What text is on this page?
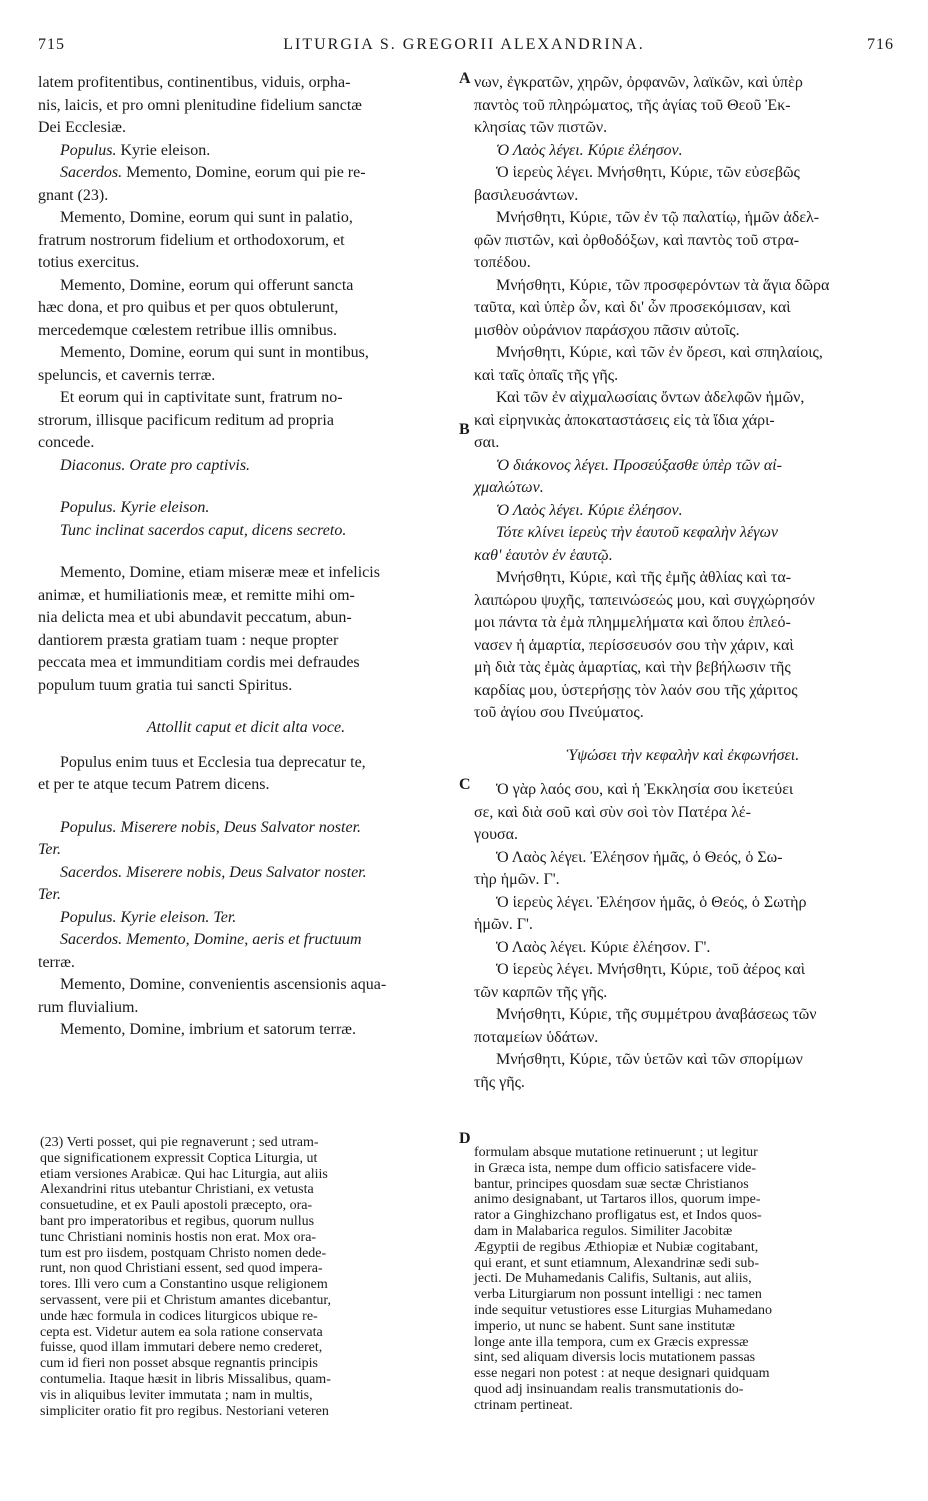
715	LITURGIA S. GREGORII ALEXANDRINA.	716
A
B
C
D

latem profitentibus, continentibus, viduis, orpha-

nis, laicis, et pro omni plenitudine fidelium sanctæ

Dei Ecclesiæ.

Populus. Kyrie eleison.

Sacerdos. Memento, Domine, eorum qui pie re-

gnant (23).

Memento, Domine, eorum qui sunt in palatio,

fratrum nostrorum fidelium et orthodoxorum, et

totius exercitus.

Memento, Domine, eorum qui offerunt sancta

hæc dona, et pro quibus et per quos obtulerunt,

mercedemque cœlestem retribue illis omnibus.

Memento, Domine, eorum qui sunt in montibus,

speluncis, et cavernis terræ.

Et eorum qui in captivitate sunt, fratrum no-

strorum, illisque pacificum reditum ad propria

concede.

Diaconus. Orate pro captivis.

Populus. Kyrie eleison.

Tunc inclinat sacerdos caput, dicens secreto.

Memento, Domine, etiam miseræ meæ et infelicis

animæ, et humiliationis meæ, et remitte mihi om-

nia delicta mea et ubi abundavit peccatum, abun-

dantiorem præsta gratiam tuam : neque propter

peccata mea et immunditiam cordis mei defraudes

populum tuum gratia tui sancti Spiritus.

Attollit caput et dicit alta voce.

Populus enim tuus et Ecclesia tua deprecatur te,

et per te atque tecum Patrem dicens.

Populus. Miserere nobis, Deus Salvator noster.

Ter.

Sacerdos. Miserere nobis, Deus Salvator noster.

Ter.

Populus. Kyrie eleison. Ter.

Sacerdos. Memento, Domine, aeris et fructuum

terræ.

Memento, Domine, convenientis ascensionis aqua-

rum fluvialium.

Memento, Domine, imbrium et satorum terræ.

νων, ἐγκρατῶν, χηρῶν, ὀρφανῶν, λαϊκῶν, καὶ ὑπὲρ

παντὸς τοῦ πληρώματος, τῆς ἁγίας τοῦ Θεοῦ Ἐκ-

κλησίας τῶν πιστῶν.

Ὁ Λαὸς λέγει. Κύριε ἐλέησον.

Ὁ ἱερεὺς λέγει. Μνήσθητι, Κύριε, τῶν εὐσεβῶς

βασιλευσάντων.

Μνήσθητι, Κύριε, τῶν ἐν τῷ παλατίῳ, ἡμῶν ἀδελ-

φῶν πιστῶν, καὶ ὀρθοδόξων, καὶ παντὸς τοῦ στρα-

τοπέδου.

Μνήσθητι, Κύριε, τῶν προσφερόντων τὰ ἅγια δῶρα

ταῦτα, καὶ ὑπὲρ ὧν, καὶ δι' ὧν προσεκόμισαν, καὶ

μισθὸν οὐράνιον παράσχου πᾶσιν αὐτοῖς.

Μνήσθητι, Κύριε, καὶ τῶν ἐν ὄρεσι, καὶ σπηλαίοις,

καὶ ταῖς ὀπαῖς τῆς γῆς.

Καὶ τῶν ἐν αἰχμαλωσίαις ὄντων ἀδελφῶν ἡμῶν,

καὶ εἰρηνικὰς ἀποκαταστάσεις εἰς τὰ ἴδια χάρι-

σαι.

Ὁ διάκονος λέγει. Προσεύξασθε ὑπὲρ τῶν αἰ-

χμαλώτων.

Ὁ Λαὸς λέγει. Κύριε ἐλέησον.

Τότε κλίνει ἱερεὺς τὴν ἑαυτοῦ κεφαλὴν λέγων

καθ' ἑαυτὸν ἐν ἑαυτῷ.

Μνήσθητι, Κύριε, καὶ τῆς ἐμῆς ἀθλίας καὶ τα-

λαιπώρου ψυχῆς, ταπεινώσεώς μου, καὶ συγχώρησόν

μοι πάντα τὰ ἐμὰ πλημμελήματα καὶ ὅπου ἐπλεό-

νασεν ἡ ἁμαρτία, περίσσευσόν σου τὴν χάριν, καὶ

μὴ διὰ τὰς ἐμὰς ἁμαρτίας, καὶ τὴν βεβήλωσιν τῆς

καρδίας μου, ὑστερήσῃς τὸν λαόν σου τῆς χάριτος

τοῦ ἁγίου σου Πνεύματος.

Ὑψώσει τὴν κεφαλὴν καὶ ἐκφωνήσει.

Ὁ γὰρ λαός σου, καὶ ἡ Ἐκκλησία σου ἱκετεύει

σε, καὶ διὰ σοῦ καὶ σὺν σοὶ τὸν Πατέρα λέ-

γουσα.

Ὁ Λαὸς λέγει. Ἐλέησον ἡμᾶς, ὁ Θεός, ὁ Σω-

τὴρ ἡμῶν. Γ'.

Ὁ ἱερεὺς λέγει. Ἐλέησον ἡμᾶς, ὁ Θεός, ὁ Σωτὴρ

ἡμῶν. Γ'.

Ὁ Λαὸς λέγει. Κύριε ἐλέησον. Γ'.

Ὁ ἱερεὺς λέγει. Μνήσθητι, Κύριε, τοῦ ἀέρος καὶ

τῶν καρπῶν τῆς γῆς.

Μνήσθητι, Κύριε, τῆς συμμέτρου ἀναβάσεως τῶν

ποταμείων ὑδάτων.

Μνήσθητι, Κύριε, τῶν ὑετῶν καὶ τῶν σπορίμων

τῆς γῆς.

(23) Verti posset, qui pie regnaverunt ; sed utram-

que significationem expressit Coptica Liturgia, ut

etiam versiones Arabicæ. Qui hac Liturgia, aut aliis

Alexandrini ritus utebantur Christiani, ex vetusta

consuetudine, et ex Pauli apostoli præcepto, ora-

bant pro imperatoribus et regibus, quorum nullus

tunc Christiani nominis hostis non erat. Mox ora-

tum est pro iisdem, postquam Christo nomen dede-

runt, non quod Christiani essent, sed quod impera-

tores. Illi vero cum a Constantino usque religionem

servassent, vere pii et Christum amantes dicebantur,

unde hæc formula in codices liturgicos ubique re-

cepta est. Videtur autem ea sola ratione conservata

fuisse, quod illam immutari debere nemo crederet,

cum id fieri non posset absque regnantis principis

contumelia. Itaque hæsit in libris Missalibus, quam-

vis in aliquibus leviter immutata ; nam in multis,

simpliciter oratio fit pro regibus. Nestoriani veteren

formulam absque mutatione retinuerunt ; ut legitur

in Græca ista, nempe dum officio satisfacere vide-

bantur, principes quosdam suæ sectæ Christianos

animo designabant, ut Tartaros illos, quorum impe-

rator a Ginghizchano profligatus est, et Indos quos-

dam in Malabarica regulos. Similiter Jacobitæ

Ægyptii de regibus Æthiopiæ et Nubiæ cogitabant,

qui erant, et sunt etiamnum, Alexandrinæ sedi sub-

jecti. De Muhamedanis Califis, Sultanis, aut aliis,

verba Liturgiarum non possunt intelligi : nec tamen

inde sequitur vetustiores esse Liturgias Muhamedano

imperio, ut nunc se habent. Sunt sane institutæ

longe ante illa tempora, cum ex Græcis expressæ

sint, sed aliquam diversis locis mutationem passas

esse negari non potest : at neque designari quidquam

quod adj insinuandam realis transmutationis do-

ctrinam pertineat.
